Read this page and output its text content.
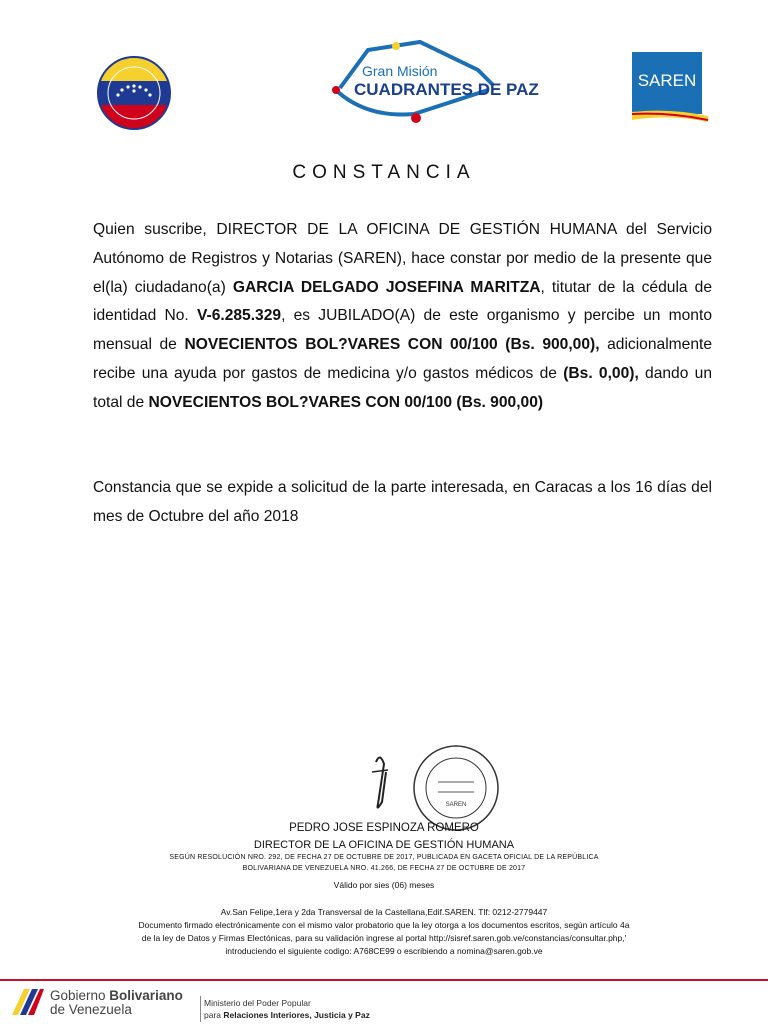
Gran Misión
CUADRANTES DE PAZ	SAREN
CONSTANCIA
Quien suscribe, DIRECTOR DE LA OFICINA DE GESTIÓN HUMANA del Servicio Autónomo de Registros y Notarias (SAREN), hace constar por medio de la presente que el(la) ciudadano(a) GARCIA DELGADO JOSEFINA MARITZA, titutar de la cédula de identidad No. V-6.285.329, es JUBILADO(A) de este organismo y percibe un monto mensual de NOVECIENTOS BOL?VARES CON 00/100 (Bs. 900,00), adicionalmente recibe una ayuda por gastos de medicina y/o gastos médicos de (Bs. 0,00), dando un total de NOVECIENTOS BOL?VARES CON 00/100 (Bs. 900,00)
Constancia que se expide a solicitud de la parte interesada, en Caracas a los 16 días del mes de Octubre del año 2018
SAREN
PEDRO JOSE ESPINOZA ROMERO
DIRECTOR DE LA OFICINA DE GESTIÓN HUMANA
SEGÚN RESOLUCIÓN NRO. 292, DE FECHA 27 DE OCTUBRE DE 2017, PUBLICADA EN GACETA OFICIAL DE LA REPÚBLICA
BOLIVARIANA DE VENEZUELA NRO. 41.266, DE FECHA 27 DE OCTUBRE DE 2017
Válido por sies (06) meses
Av.San Felipe,1era y 2da Transversal de la Castellana,Edif.SAREN. Tlf: 0212-2779447
Documento firmado electrónicamente con el mismo valor probatorio que la ley otorga a los documentos escritos, según artículo 4a
de la ley de Datos y Firmas Electónicas, para su validación ingrese al portal http://sisref.saren.gob.ve/constancias/consultar.php,'
introduciendo el siguiente codigo: A768CE99 o escribiendo a nomina@saren.gob.ve
Gobierno Bolivariano
de Venezuela	Ministerio del Poder Popular
para Relaciones Interiores, Justicia y Paz
